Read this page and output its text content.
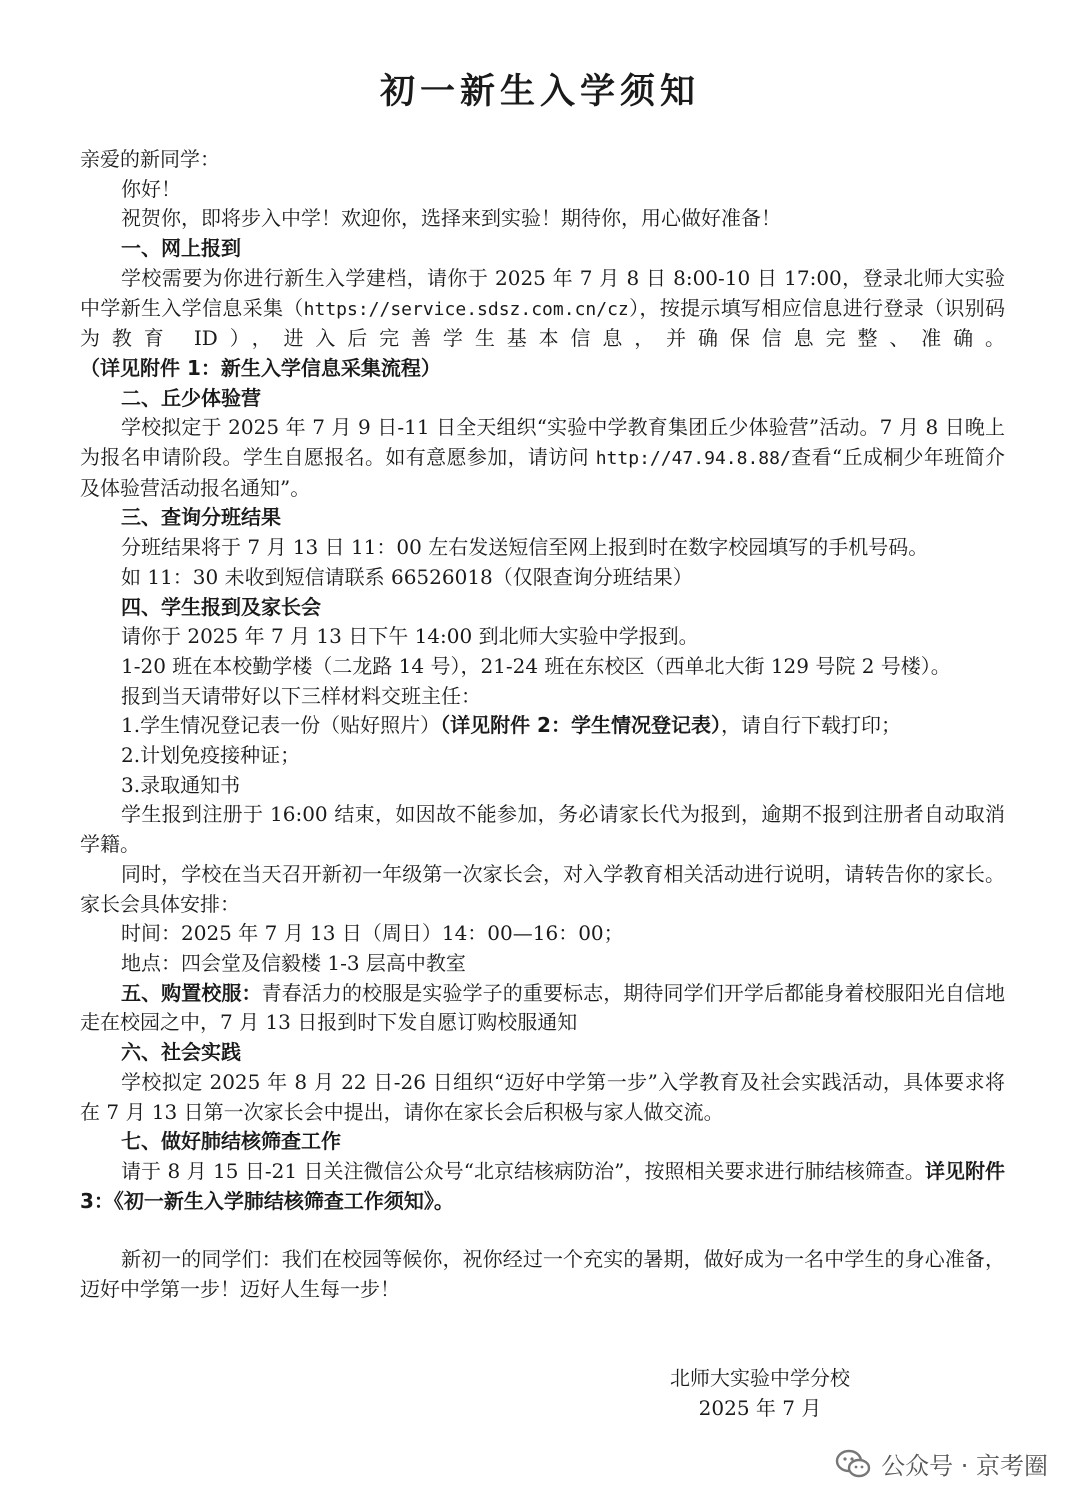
初一新生入学须知

亲爱的新同学：

你好！

祝贺你，即将步入中学！欢迎你，选择来到实验！期待你，用心做好准备！

一、网上报到

学校需要为你进行新生入学建档，请你于 2025 年 7 月 8 日 8:00-10 日 17:00，登录北师大实验中学新生入学信息采集（https://service.sdsz.com.cn/cz），按提示填写相应信息进行登录（识别码为教育 ID），进入后完善学生基本信息，并确保信息完整、准确。（详见附件 1：新生入学信息采集流程）

二、丘少体验营

学校拟定于 2025 年 7 月 9 日-11 日全天组织“实验中学教育集团丘少体验营”活动。7 月 8 日晚上为报名申请阶段。学生自愿报名。如有意愿参加，请访问 http://47.94.8.88/查看“丘成桐少年班简介及体验营活动报名通知”。

三、查询分班结果

分班结果将于 7 月 13 日 11：00 左右发送短信至网上报到时在数字校园填写的手机号码。

如 11：30 未收到短信请联系 66526018（仅限查询分班结果）

四、学生报到及家长会

请你于 2025 年 7 月 13 日下午 14:00 到北师大实验中学报到。

1-20 班在本校勤学楼（二龙路 14 号），21-24 班在东校区（西单北大街 129 号院 2 号楼）。

报到当天请带好以下三样材料交班主任：

1.学生情况登记表一份（贴好照片）（详见附件 2：学生情况登记表），请自行下载打印；

2.计划免疫接种证；

3.录取通知书

学生报到注册于 16:00 结束，如因故不能参加，务必请家长代为报到，逾期不报到注册者自动取消学籍。

同时，学校在当天召开新初一年级第一次家长会，对入学教育相关活动进行说明，请转告你的家长。家长会具体安排：

时间：2025 年 7 月 13 日（周日）14：00—16：00；

地点：四会堂及信毅楼 1-3 层高中教室

五、购置校服：青春活力的校服是实验学子的重要标志，期待同学们开学后都能身着校服阳光自信地走在校园之中，7 月 13 日报到时下发自愿订购校服通知

六、社会实践

学校拟定 2025 年 8 月 22 日-26 日组织“迈好中学第一步”入学教育及社会实践活动，具体要求将在 7 月 13 日第一次家长会中提出，请你在家长会后积极与家人做交流。

七、做好肺结核筛查工作

请于 8 月 15 日-21 日关注微信公众号“北京结核病防治”，按照相关要求进行肺结核筛查。详见附件 3：《初一新生入学肺结核筛查工作须知》。

新初一的同学们：我们在校园等候你，祝你经过一个充实的暑期，做好成为一名中学生的身心准备，迈好中学第一步！迈好人生每一步！

北师大实验中学分校
2025 年 7 月
公众号 · 京考圈
